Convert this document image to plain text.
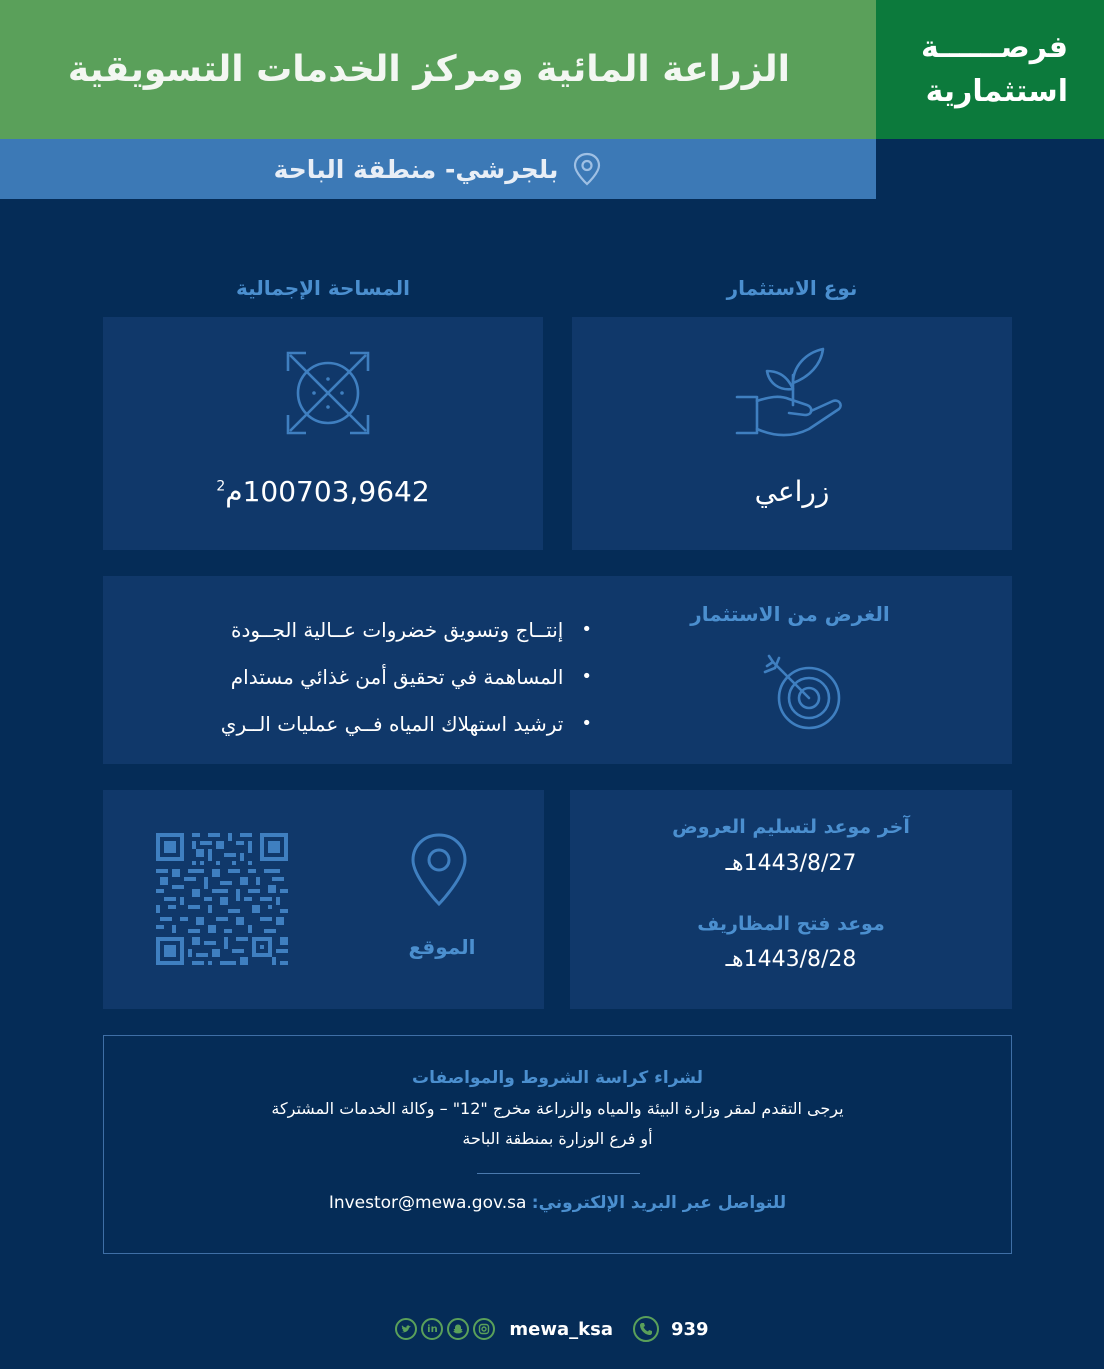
الزراعة المائية ومركز الخدمات التسويقية
فرصــــــة
استثمارية
بلجرشي- منطقة الباحة
المساحة الإجمالية	نوع الاستثمار
100703,9642م$^2$	زراعي
• إنتــاج وتسويق خضروات عــالية الجــودة
• المساهمة في تحقيق أمن غذائي مستدام
• ترشيد استهلاك المياه فــي عمليات الــري
الغرض من الاستثمار
الموقع
آخر موعد لتسليم العروض
1443/8/27هـ
موعد فتح المظاريف
1443/8/28هـ
لشراء كراسة الشروط والمواصفات
يرجى التقدم لمقر وزارة البيئة والمياه والزراعة مخرج "12" – وكالة الخدمات المشتركة
أو فرع الوزارة بمنطقة الباحة
للتواصل عبر البريد الإلكتروني: Investor@mewa.gov.sa
in	mewa_ksa	939
